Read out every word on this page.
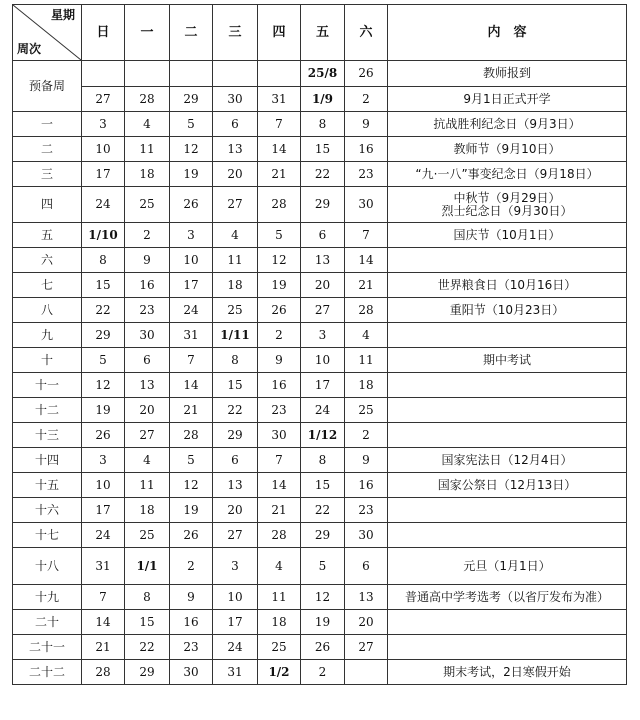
星期
周次	日	一	二	三	四	五	六	内　容
预备周						25/8	26	教师报到

	27	28	29	30	31	1/9	2	9月1日正式开学

一	3	4	5	6	7	8	9	抗战胜利纪念日（9月3日）

二	10	11	12	13	14	15	16	教师节（9月10日）

三	17	18	19	20	21	22	23	“九·一八”事变纪念日（9月18日）

四	24	25	26	27	28	29	30	中秋节（9月29日）
烈士纪念日（9月30日）

五	1/10	2	3	4	5	6	7	国庆节（10月1日）

六	8	9	10	11	12	13	14	

七	15	16	17	18	19	20	21	世界粮食日（10月16日）

八	22	23	24	25	26	27	28	重阳节（10月23日）

九	29	30	31	1/11	2	3	4	

十	5	6	7	8	9	10	11	期中考试

十一	12	13	14	15	16	17	18	

十二	19	20	21	22	23	24	25	

十三	26	27	28	29	30	1/12	2	

十四	3	4	5	6	7	8	9	国家宪法日（12月4日）

十五	10	11	12	13	14	15	16	国家公祭日（12月13日）

十六	17	18	19	20	21	22	23	

十七	24	25	26	27	28	29	30	

十八	31	1/1	2	3	4	5	6	元旦（1月1日）

十九	7	8	9	10	11	12	13	普通高中学考选考（以省厅发布为准）

二十	14	15	16	17	18	19	20	

二十一	21	22	23	24	25	26	27	

二十二	28	29	30	31	1/2	2		期末考试，2日寒假开始
